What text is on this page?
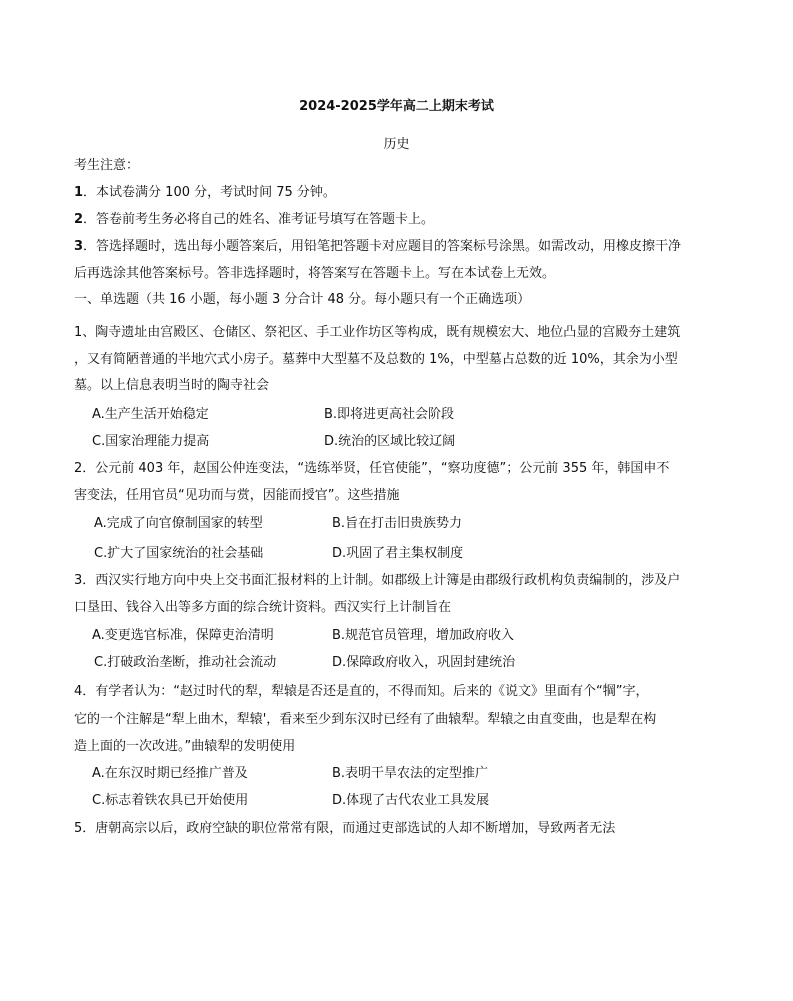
2024-2025学年高二上期末考试
历史
考生注意：
1．本试卷满分 100 分，考试时间 75 分钟。
2．答卷前考生务必将自己的姓名、准考证号填写在答题卡上。
3．答选择题时，选出每小题答案后，用铅笔把答题卡对应题目的答案标号涂黑。如需改动，用橡皮擦干净
后再选涂其他答案标号。答非选择题时，将答案写在答题卡上。写在本试卷上无效。
一、单选题（共 16 小题，每小题 3 分合计 48 分。每小题只有一个正确选项）
1、陶寺遗址由宫殿区、仓储区、祭祀区、手工业作坊区等构成，既有规模宏大、地位凸显的宫殿夯土建筑
，又有简陋普通的半地穴式小房子。墓葬中大型墓不及总数的 1%，中型墓占总数的近 10%，其余为小型
墓。以上信息表明当时的陶寺社会
A.生产生活开始稳定	B.即将进更高社会阶段
C.国家治理能力提高	D.统治的区域比较辽阔
2．公元前 403 年，赵国公仲连变法，“选练举贤，任官使能”，“察功度德”；公元前 355 年，韩国申不
害变法，任用官员“见功而与赏，因能而授官”。这些措施
A.完成了向官僚制国家的转型	B.旨在打击旧贵族势力
C.扩大了国家统治的社会基础	D.巩固了君主集权制度
3．西汉实行地方向中央上交书面汇报材料的上计制。如郡级上计簿是由郡级行政机构负责编制的，涉及户
口垦田、钱谷入出等多方面的综合统计资料。西汉实行上计制旨在
A.变更选官标准，保障吏治清明	B.规范官员管理，增加政府收入
C.打破政治垄断，推动社会流动	D.保障政府收入，巩固封建统治
4．有学者认为：“赵过时代的犁，犁辕是否还是直的，不得而知。后来的《说文》里面有个“犅”字，
它的一个注解是“犁上曲木，犁辕'，看来至少到东汉时已经有了曲辕犁。犁辕之由直变曲，也是犁在构
造上面的一次改进。”曲辕犁的发明使用
A.在东汉时期已经推广普及	B.表明干旱农法的定型推广
C.标志着铁农具已开始使用	D.体现了古代农业工具发展
5．唐朝高宗以后，政府空缺的职位常常有限，而通过吏部选试的人却不断增加，导致两者无法
